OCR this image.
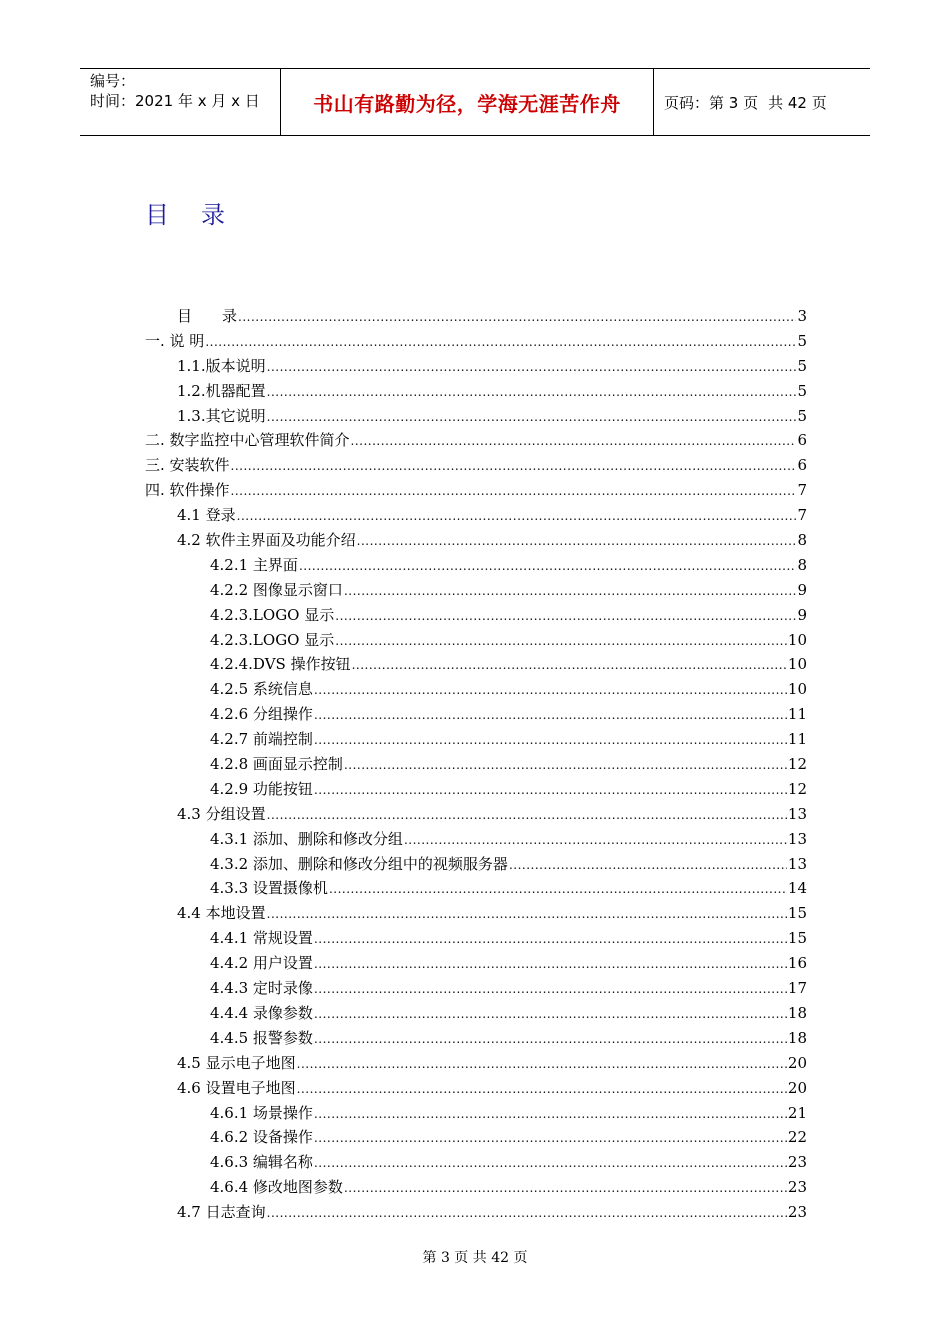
编号：
时间：2021 年 x 月 x 日	书山有路勤为径，学海无涯苦作舟	页码：第 3 页 共 42 页
目录
目　　录 .....	3
一. 说 明 .....	5
1.1.版本说明 .....	5
1.2.机器配置 .....	5
1.3.其它说明 .....	5
二. 数字监控中心管理软件简介 .....	6
三. 安装软件 .....	6
四. 软件操作 .....	7
4.1 登录 .....	7
4.2 软件主界面及功能介绍 .....	8
4.2.1 主界面 .....	8
4.2.2 图像显示窗口 .....	9
4.2.3.LOGO 显示 .....	9
4.2.3.LOGO 显示 .....	10
4.2.4.DVS 操作按钮 .....	10
4.2.5 系统信息 .....	10
4.2.6 分组操作 .....	11
4.2.7 前端控制 .....	11
4.2.8 画面显示控制 .....	12
4.2.9 功能按钮 .....	12
4.3 分组设置 .....	13
4.3.1 添加、删除和修改分组 .....	13
4.3.2 添加、删除和修改分组中的视频服务器 .....	13
4.3.3 设置摄像机 .....	14
4.4 本地设置 .....	15
4.4.1 常规设置 .....	15
4.4.2 用户设置 .....	16
4.4.3 定时录像 .....	17
4.4.4 录像参数 .....	18
4.4.5 报警参数 .....	18
4.5 显示电子地图 .....	20
4.6 设置电子地图 .....	20
4.6.1 场景操作 .....	21
4.6.2 设备操作 .....	22
4.6.3 编辑名称 .....	23
4.6.4 修改地图参数 .....	23
4.7 日志查询 .....	23
第 3 页 共 42 页
